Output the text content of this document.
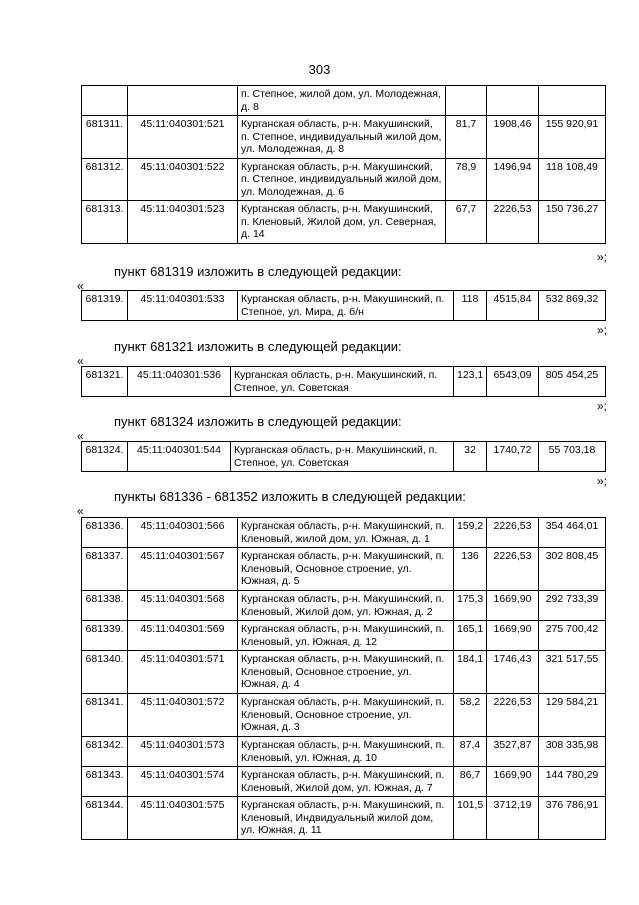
303
		п. Степное, жилой дом, ул. Молодежная, д. 8			
681311.	45:11:040301:521	Курганская область, р-н. Макушинский, п. Степное, индивидуальный жилой дом, ул. Молодежная, д. 8	81,7	1908,46	155 920,91
681312.	45:11:040301:522	Курганская область, р-н. Макушинский, п. Степное, индивидуальный жилой дом, ул. Молодежная, д. 6	78,9	1496,94	118 108,49
681313.	45:11:040301:523	Курганская область, р-н. Макушинский, п. Кленовый, Жилой дом, ул. Северная, д. 14	67,7	2226,53	150 736,27
»;
пункт 681319 изложить в следующей редакции:
«
681319.	45:11:040301:533	Курганская область, р-н. Макушинский, п. Степное, ул. Мира, д. б/н	118	4515,84	532 869,32
»;
пункт 681321 изложить в следующей редакции:
«
681321.	45:11:040301:536	Курганская область, р-н. Макушинский, п. Степное, ул. Советская	123,1	6543,09	805 454,25
»;
пункт 681324 изложить в следующей редакции:
«
681324.	45:11:040301:544	Курганская область, р-н. Макушинский, п. Степное, ул. Советская	32	1740,72	55 703,18
»;
пункты 681336 - 681352 изложить в следующей редакции:
«
681336.	45:11:040301:566	Курганская область, р-н. Макушинский, п. Кленовый, жилой дом, ул. Южная, д. 1	159,2	2226,53	354 464,01
681337.	45:11:040301:567	Курганская область, р-н. Макушинский, п. Кленовый, Основное строение, ул. Южная, д. 5	136	2226,53	302 808,45
681338.	45:11:040301:568	Курганская область, р-н. Макушинский, п. Кленовый, Жилой дом, ул. Южная, д. 2	175,3	1669,90	292 733,39
681339.	45:11:040301:569	Курганская область, р-н. Макушинский, п. Кленовый, ул. Южная, д. 12	165,1	1669,90	275 700,42
681340.	45:11:040301:571	Курганская область, р-н. Макушинский, п. Кленовый, Основное строение, ул. Южная, д. 4	184,1	1746,43	321 517,55
681341.	45:11:040301:572	Курганская область, р-н. Макушинский, п. Кленовый, Основное строение, ул. Южная, д. 3	58,2	2226,53	129 584,21
681342.	45:11:040301:573	Курганская область, р-н. Макушинский, п. Кленовый, ул. Южная, д. 10	87,4	3527,87	308 335,98
681343.	45:11:040301:574	Курганская область, р-н. Макушинский, п. Кленовый, Жилой дом, ул. Южная, д. 7	86,7	1669,90	144 780,29
681344.	45:11:040301:575	Курганская область, р-н. Макушинский, п. Кленовый, Индвидуальный жилой дом, ул. Южная, д. 11	101,5	3712,19	376 786,91
